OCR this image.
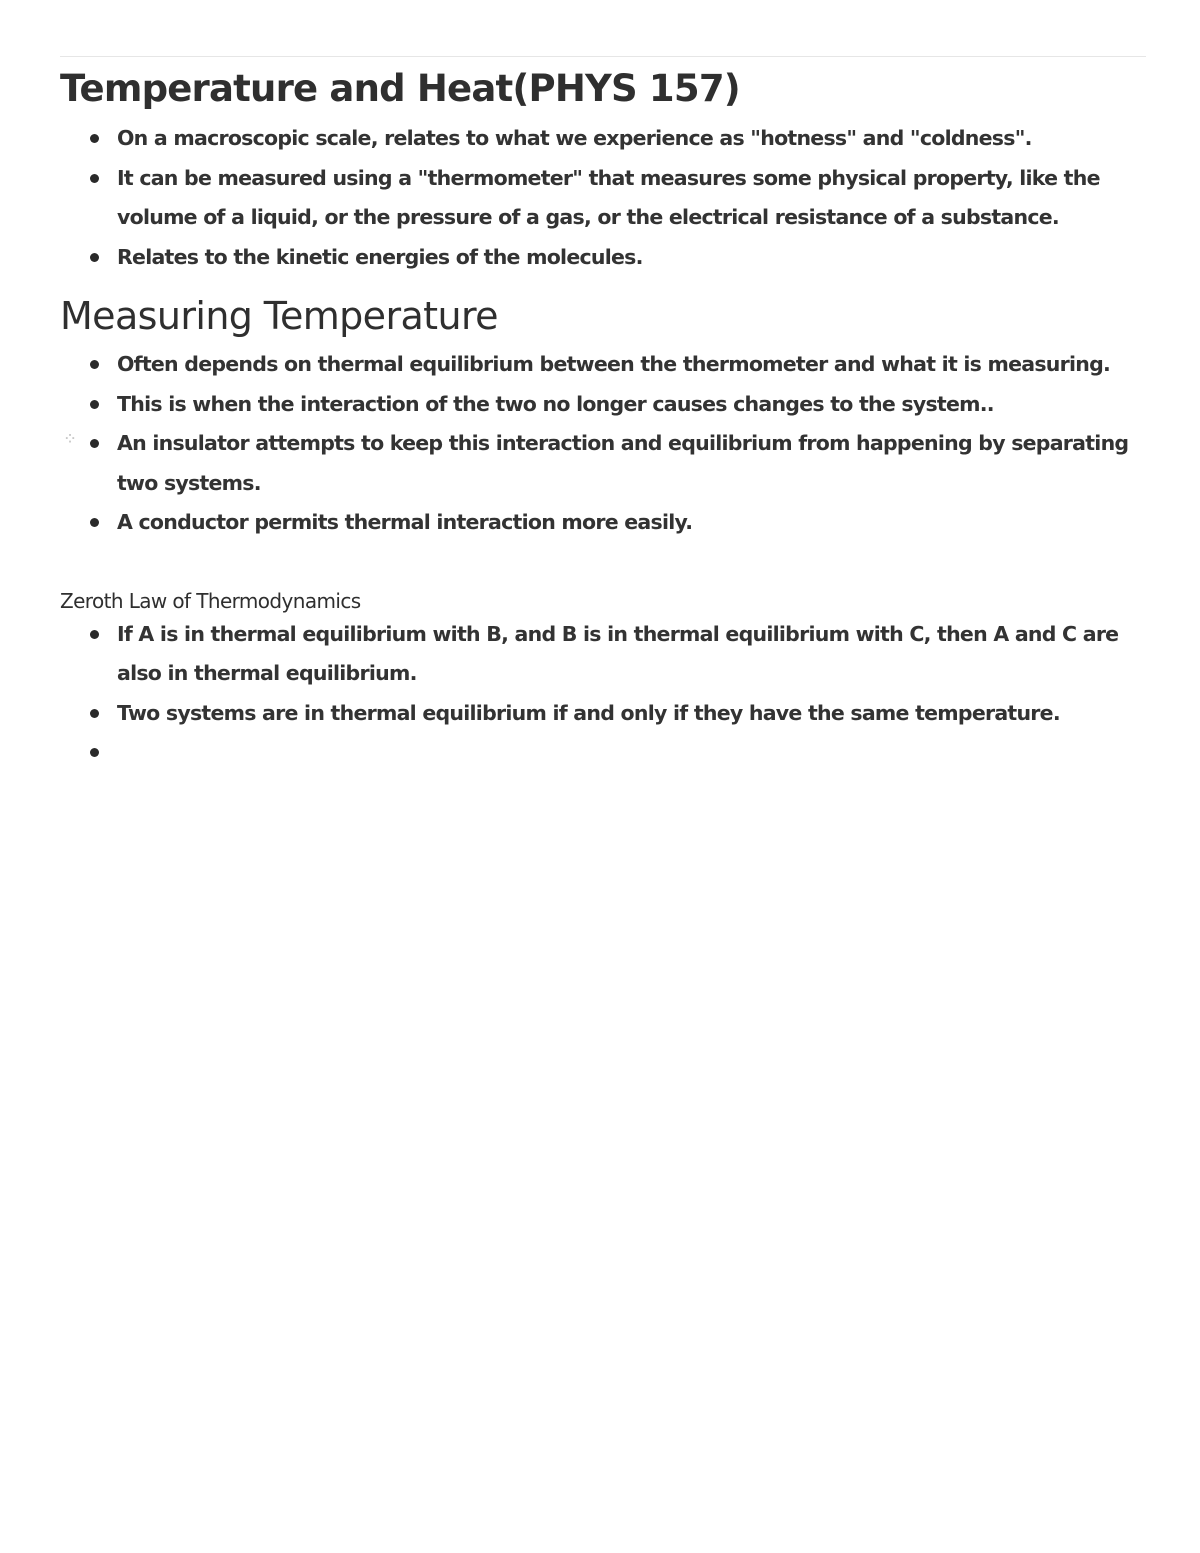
Temperature and Heat(PHYS 157)
On a macroscopic scale, relates to what we experience as "hotness" and "coldness".
It can be measured using a "thermometer" that measures some physical property, like the volume of a liquid, or the pressure of a gas, or the electrical resistance of a substance.
Relates to the kinetic energies of the molecules.
Measuring Temperature
Often depends on thermal equilibrium between the thermometer and what it is measuring.
This is when the interaction of the two no longer causes changes to the system..
⁘ An insulator attempts to keep this interaction and equilibrium from happening by separating two systems.
A conductor permits thermal interaction more easily.
Zeroth Law of Thermodynamics
If A is in thermal equilibrium with B, and B is in thermal equilibrium with C, then A and C are also in thermal equilibrium.
Two systems are in thermal equilibrium if and only if they have the same temperature.
